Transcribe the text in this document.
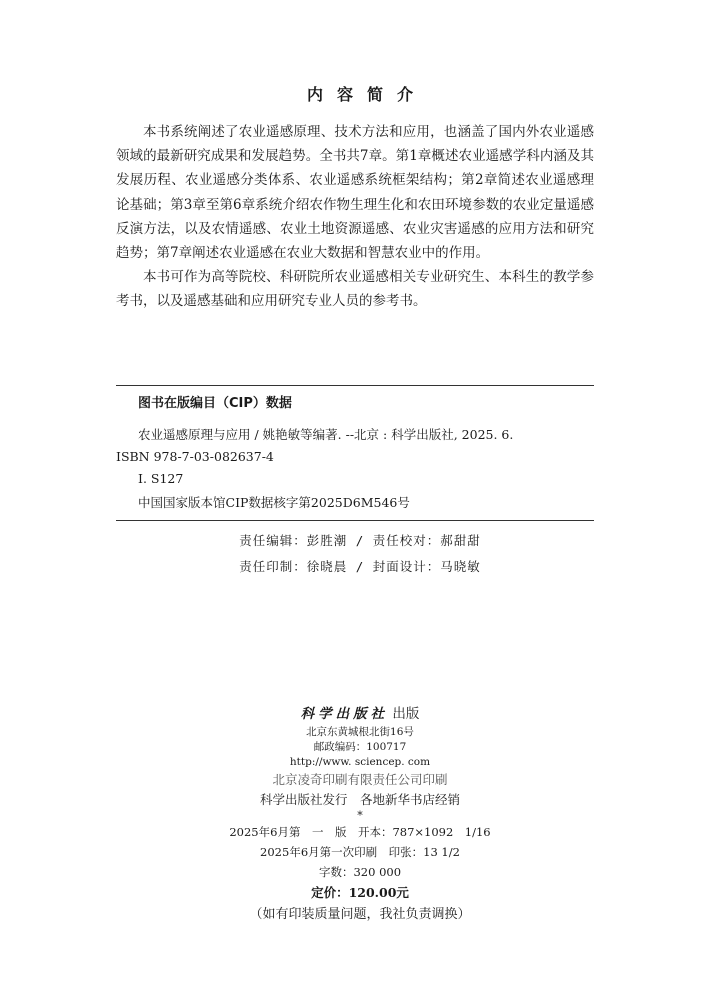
内容简介

本书系统阐述了农业遥感原理、技术方法和应用，也涵盖了国内外农业遥感领域的最新研究成果和发展趋势。全书共7章。第1章概述农业遥感学科内涵及其发展历程、农业遥感分类体系、农业遥感系统框架结构；第2章简述农业遥感理论基础；第3章至第6章系统介绍农作物生理生化和农田环境参数的农业定量遥感反演方法，以及农情遥感、农业土地资源遥感、农业灾害遥感的应用方法和研究趋势；第7章阐述农业遥感在农业大数据和智慧农业中的作用。

本书可作为高等院校、科研院所农业遥感相关专业研究生、本科生的教学参考书，以及遥感基础和应用研究专业人员的参考书。

图书在版编目（CIP）数据
农业遥感原理与应用 / 姚艳敏等编著. --北京 : 科学出版社, 2025. 6.
ISBN 978-7-03-082637-4
Ⅰ. S127
中国国家版本馆CIP数据核字第2025D6M546号
责任编辑：彭胜潮 / 责任校对：郝甜甜
责任印制：徐晓晨 / 封面设计：马晓敏
科学出版社 出版
北京东黄城根北街16号
邮政编码：100717
http://www. sciencep. com
北京凌奇印刷有限责任公司印刷
科学出版社发行　各地新华书店经销
*
2025年6月第　一　版　开本：787×1092　1/16
2025年6月第一次印刷　印张：13 1/2
字数：320 000
定价：120.00元
（如有印装质量问题，我社负责调换）
